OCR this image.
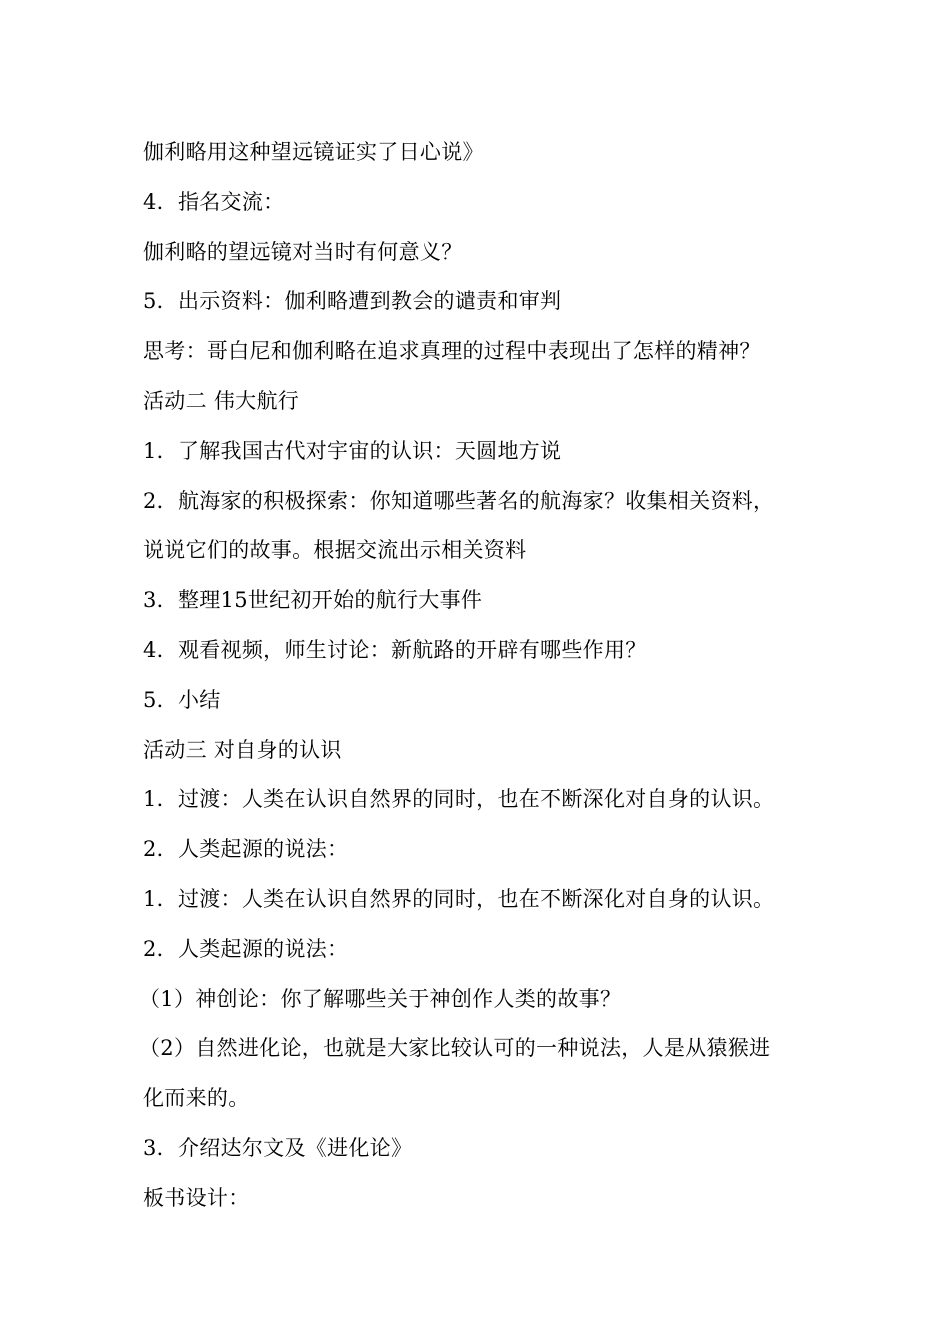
伽利略用这种望远镜证实了日心说》
4．指名交流：
伽利略的望远镜对当时有何意义？
5．出示资料：伽利略遭到教会的谴责和审判
思考：哥白尼和伽利略在追求真理的过程中表现出了怎样的精神？
活动二 伟大航行
1．了解我国古代对宇宙的认识：天圆地方说
2．航海家的积极探索：你知道哪些著名的航海家？收集相关资料，
说说它们的故事。根据交流出示相关资料
3．整理15世纪初开始的航行大事件
4．观看视频，师生讨论：新航路的开辟有哪些作用？
5．小结
活动三 对自身的认识
1．过渡：人类在认识自然界的同时，也在不断深化对自身的认识。
2．人类起源的说法：
1．过渡：人类在认识自然界的同时，也在不断深化对自身的认识。
2．人类起源的说法：
（1）神创论：你了解哪些关于神创作人类的故事？
（2）自然进化论，也就是大家比较认可的一种说法，人是从猿猴进
化而来的。
3．介绍达尔文及《进化论》
板书设计：
